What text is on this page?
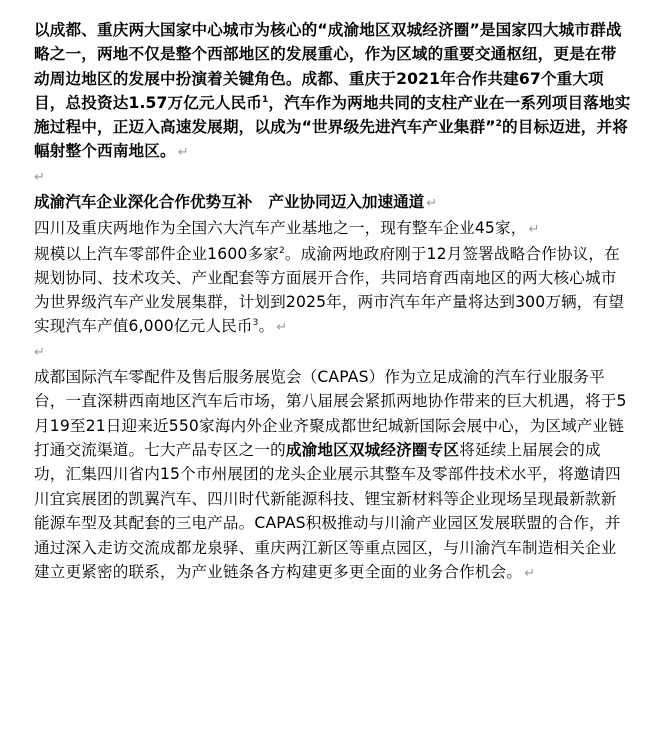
以成都、重庆两大国家中心城市为核心的“成渝地区双城经济圈”是国家四大城市群战略之一，两地不仅是整个西部地区的发展重心，作为区域的重要交通枢纽，更是在带动周边地区的发展中扮演着关键角色。成都、重庆于2021年合作共建67个重大项目，总投资达1.57万亿元人民币$^1$，汽车作为两地共同的支柱产业在一系列项目落地实施过程中，正迈入高速发展期，以成为“世界级先进汽车产业集群”$^2$的目标迈进，并将幅射整个西南地区。 ↵

↵

成渝汽车企业深化合作优势互补 产业协同迈入加速通道 ↵

四川及重庆两地作为全国六大汽车产业基地之一，现有整车企业45家， ↵
规模以上汽车零部件企业1600多家$^2$。成渝两地政府刚于12月签署战略合作协议，在规划协同、技术攻关、产业配套等方面展开合作，共同培育西南地区的两大核心城市为世界级汽车产业发展集群，计划到2025年，两市汽车年产量将达到300万辆，有望实现汽车产值6,000亿元人民币$^3$。 ↵

↵

成都国际汽车零配件及售后服务展览会（CAPAS）作为立足成渝的汽车行业服务平台，一直深耕西南地区汽车后市场，第八届展会紧抓两地协作带来的巨大机遇，将于5月19至21日迎来近550家海内外企业齐聚成都世纪城新国际会展中心，为区域产业链打通交流渠道。七大产品专区之一的成渝地区双城经济圈专区将延续上届展会的成功，汇集四川省内15个市州展团的龙头企业展示其整车及零部件技术水平，将邀请四川宜宾展团的凯翼汽车、四川时代新能源科技、锂宝新材料等企业现场呈现最新款新能源车型及其配套的三电产品。CAPAS积极推动与川渝产业园区发展联盟的合作，并通过深入走访交流成都龙泉驿、重庆两江新区等重点园区，与川渝汽车制造相关企业建立更紧密的联系，为产业链条各方构建更多更全面的业务合作机会。 ↵
